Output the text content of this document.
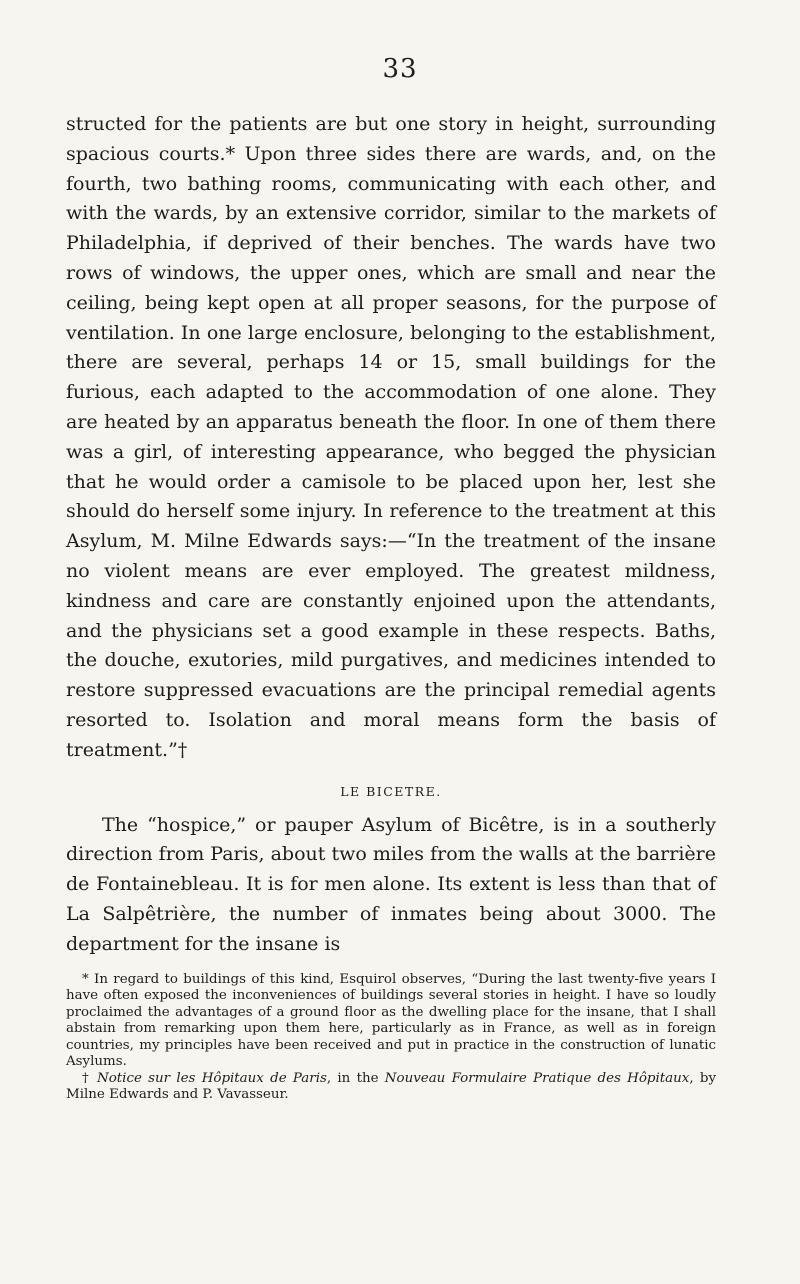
33

structed for the patients are but one story in height, surrounding spacious courts.* Upon three sides there are wards, and, on the fourth, two bathing rooms, communicating with each other, and with the wards, by an extensive corridor, similar to the markets of Philadelphia, if deprived of their benches. The wards have two rows of windows, the upper ones, which are small and near the ceiling, being kept open at all proper seasons, for the purpose of ventilation. In one large enclosure, belonging to the establishment, there are several, perhaps 14 or 15, small buildings for the furious, each adapted to the accommodation of one alone. They are heated by an apparatus beneath the floor. In one of them there was a girl, of interesting appearance, who begged the physician that he would order a camisole to be placed upon her, lest she should do herself some injury. In reference to the treatment at this Asylum, M. Milne Edwards says:—“In the treatment of the insane no violent means are ever employed. The greatest mildness, kindness and care are constantly enjoined upon the attendants, and the physicians set a good example in these respects. Baths, the douche, exutories, mild purgatives, and medicines intended to restore suppressed evacuations are the principal remedial agents resorted to. Isolation and moral means form the basis of treatment.”†

LE BICETRE.

The “hospice,” or pauper Asylum of Bicêtre, is in a southerly direction from Paris, about two miles from the walls at the barrière de Fontainebleau. It is for men alone. Its extent is less than that of La Salpêtrière, the number of inmates being about 3000. The department for the insane is

* In regard to buildings of this kind, Esquirol observes, “During the last twenty-five years I have often exposed the inconveniences of buildings several stories in height. I have so loudly proclaimed the advantages of a ground floor as the dwelling place for the insane, that I shall abstain from remarking upon them here, particularly as in France, as well as in foreign countries, my principles have been received and put in practice in the construction of lunatic Asylums.

† Notice sur les Hôpitaux de Paris, in the Nouveau Formulaire Pratique des Hôpitaux, by Milne Edwards and P. Vavasseur.
